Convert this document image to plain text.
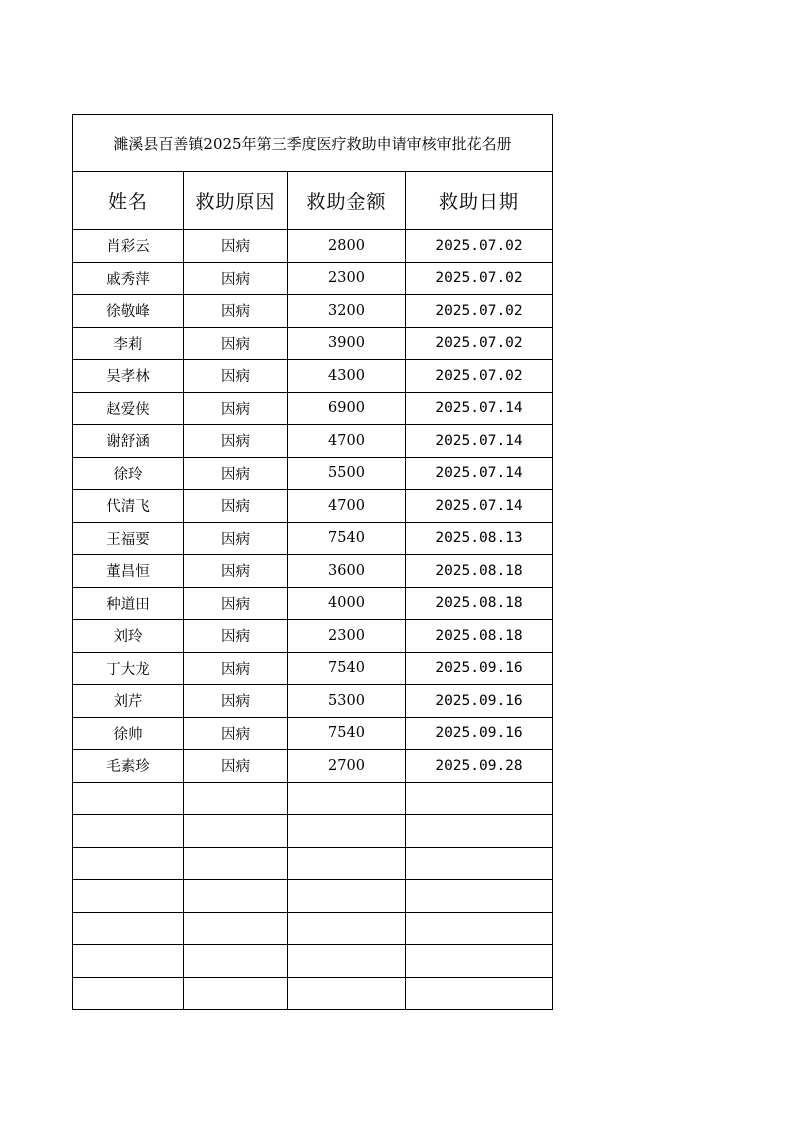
濉溪县百善镇2025年第三季度医疗救助申请审核审批花名册			
姓名	救助原因	救助金额	救助日期
肖彩云	因病	2800	2025.07.02
戚秀萍	因病	2300	2025.07.02
徐敬峰	因病	3200	2025.07.02
李莉	因病	3900	2025.07.02
吴孝林	因病	4300	2025.07.02
赵爱侠	因病	6900	2025.07.14
谢舒涵	因病	4700	2025.07.14
徐玲	因病	5500	2025.07.14
代清飞	因病	4700	2025.07.14
王福要	因病	7540	2025.08.13
董昌恒	因病	3600	2025.08.18
种道田	因病	4000	2025.08.18
刘玲	因病	2300	2025.08.18
丁大龙	因病	7540	2025.09.16
刘芹	因病	5300	2025.09.16
徐帅	因病	7540	2025.09.16
毛素珍	因病	2700	2025.09.28
